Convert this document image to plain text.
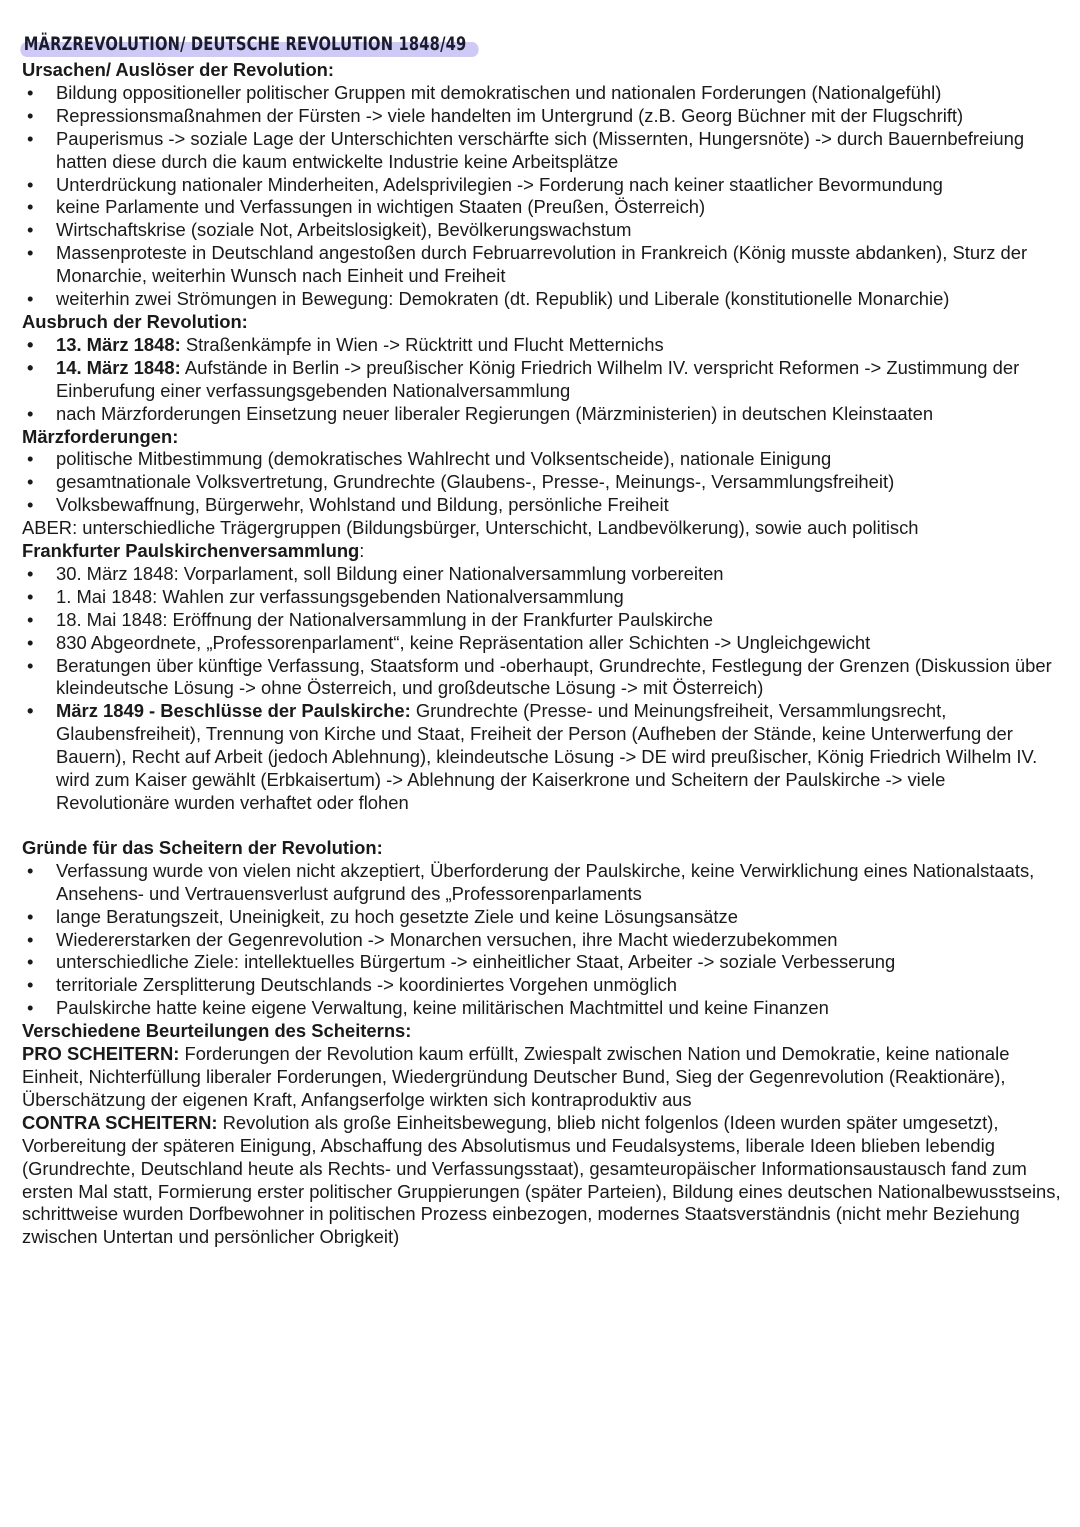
MÄRZREVOLUTION/ DEUTSCHE REVOLUTION 1848/49
Ursachen/ Auslöser der Revolution:
• Bildung oppositioneller politischer Gruppen mit demokratischen und nationalen Forderungen (Nationalgefühl)
• Repressionsmaßnahmen der Fürsten -> viele handelten im Untergrund (z.B. Georg Büchner mit der Flugschrift)
• Pauperismus -> soziale Lage der Unterschichten verschärfte sich (Missernten, Hungersnöte) -> durch Bauernbefreiung hatten diese durch die kaum entwickelte Industrie keine Arbeitsplätze
• Unterdrückung nationaler Minderheiten, Adelsprivilegien -> Forderung nach keiner staatlicher Bevormundung
• keine Parlamente und Verfassungen in wichtigen Staaten (Preußen, Österreich)
• Wirtschaftskrise (soziale Not, Arbeitslosigkeit), Bevölkerungswachstum
• Massenproteste in Deutschland angestoßen durch Februarrevolution in Frankreich (König musste abdanken), Sturz der Monarchie, weiterhin Wunsch nach Einheit und Freiheit
• weiterhin zwei Strömungen in Bewegung: Demokraten (dt. Republik) und Liberale (konstitutionelle Monarchie)
Ausbruch der Revolution:
• 13. März 1848: Straßenkämpfe in Wien -> Rücktritt und Flucht Metternichs
• 14. März 1848: Aufstände in Berlin -> preußischer König Friedrich Wilhelm IV. verspricht Reformen -> Zustimmung der Einberufung einer verfassungsgebenden Nationalversammlung
• nach Märzforderungen Einsetzung neuer liberaler Regierungen (Märzministerien) in deutschen Kleinstaaten
Märzforderungen:
• politische Mitbestimmung (demokratisches Wahlrecht und Volksentscheide), nationale Einigung
• gesamtnationale Volksvertretung, Grundrechte (Glaubens-, Presse-, Meinungs-, Versammlungsfreiheit)
• Volksbewaffnung, Bürgerwehr, Wohlstand und Bildung, persönliche Freiheit

ABER: unterschiedliche Trägergruppen (Bildungsbürger, Unterschicht, Landbevölkerung), sowie auch politisch

Frankfurter Paulskirchenversammlung:
• 30. März 1848: Vorparlament, soll Bildung einer Nationalversammlung vorbereiten
• 1. Mai 1848: Wahlen zur verfassungsgebenden Nationalversammlung
• 18. Mai 1848: Eröffnung der Nationalversammlung in der Frankfurter Paulskirche
• 830 Abgeordnete, „Professorenparlament“, keine Repräsentation aller Schichten -> Ungleichgewicht
• Beratungen über künftige Verfassung, Staatsform und -oberhaupt, Grundrechte, Festlegung der Grenzen (Diskussion über kleindeutsche Lösung -> ohne Österreich, und großdeutsche Lösung -> mit Österreich)
• März 1849 - Beschlüsse der Paulskirche: Grundrechte (Presse- und Meinungsfreiheit, Versammlungsrecht, Glaubensfreiheit), Trennung von Kirche und Staat, Freiheit der Person (Aufheben der Stände, keine Unterwerfung der Bauern), Recht auf Arbeit (jedoch Ablehnung), kleindeutsche Lösung -> DE wird preußischer, König Friedrich Wilhelm IV. wird zum Kaiser gewählt (Erbkaisertum) -> Ablehnung der Kaiserkrone und Scheitern der Paulskirche -> viele Revolutionäre wurden verhaftet oder flohen
Gründe für das Scheitern der Revolution:
• Verfassung wurde von vielen nicht akzeptiert, Überforderung der Paulskirche, keine Verwirklichung eines Nationalstaats, Ansehens- und Vertrauensverlust aufgrund des „Professorenparlaments
• lange Beratungszeit, Uneinigkeit, zu hoch gesetzte Ziele und keine Lösungsansätze
• Wiedererstarken der Gegenrevolution -> Monarchen versuchen, ihre Macht wiederzubekommen
• unterschiedliche Ziele: intellektuelles Bürgertum -> einheitlicher Staat, Arbeiter -> soziale Verbesserung
• territoriale Zersplitterung Deutschlands -> koordiniertes Vorgehen unmöglich
• Paulskirche hatte keine eigene Verwaltung, keine militärischen Machtmittel und keine Finanzen
Verschiedene Beurteilungen des Scheiterns:

PRO SCHEITERN: Forderungen der Revolution kaum erfüllt, Zwiespalt zwischen Nation und Demokratie, keine nationale Einheit, Nichterfüllung liberaler Forderungen, Wiedergründung Deutscher Bund, Sieg der Gegenrevolution (Reaktionäre), Überschätzung der eigenen Kraft, Anfangserfolge wirkten sich kontraproduktiv aus

CONTRA SCHEITERN: Revolution als große Einheitsbewegung, blieb nicht folgenlos (Ideen wurden später umgesetzt), Vorbereitung der späteren Einigung, Abschaffung des Absolutismus und Feudalsystems, liberale Ideen blieben lebendig (Grundrechte, Deutschland heute als Rechts- und Verfassungsstaat), gesamteuropäischer Informationsaustausch fand zum ersten Mal statt, Formierung erster politischer Gruppierungen (später Parteien), Bildung eines deutschen Nationalbewusstseins, schrittweise wurden Dorfbewohner in politischen Prozess einbezogen, modernes Staatsverständnis (nicht mehr Beziehung zwischen Untertan und persönlicher Obrigkeit)
